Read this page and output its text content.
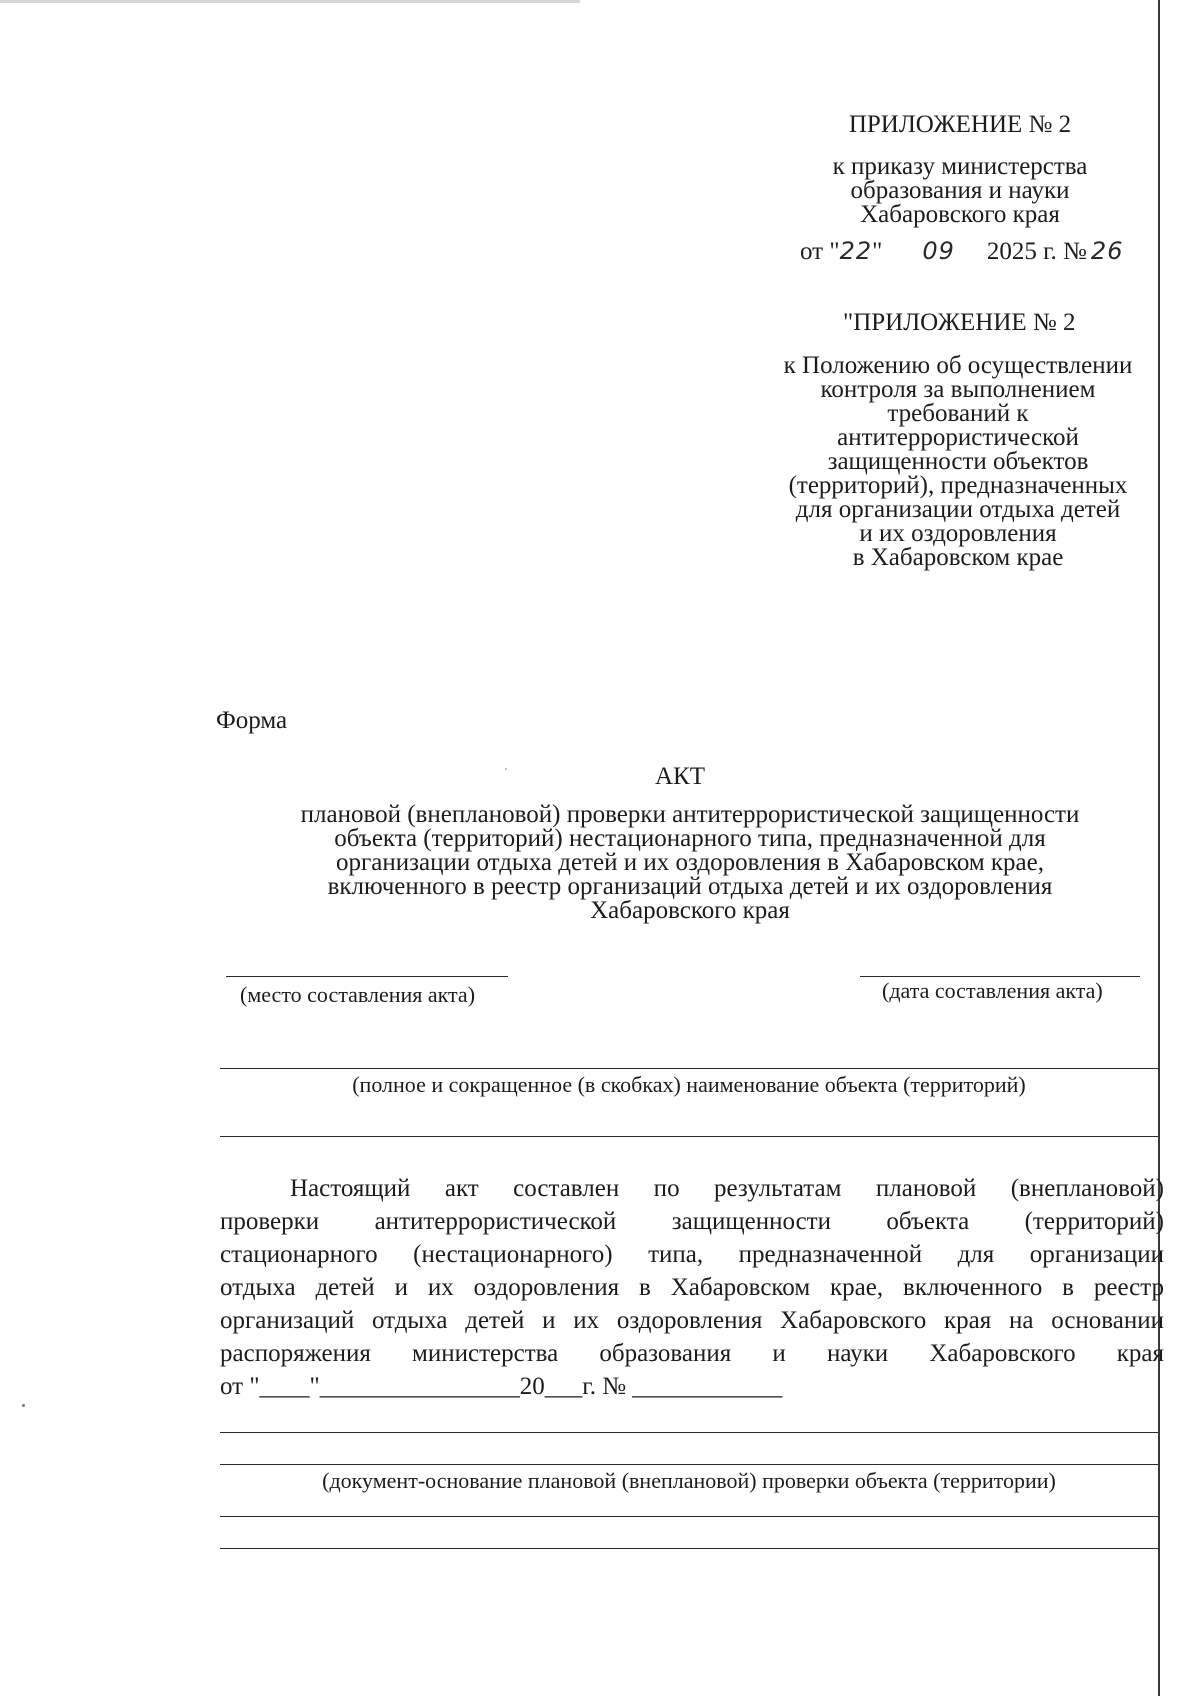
ПРИЛОЖЕНИЕ № 2
к приказу министерства
образования и науки
Хабаровского края
от "22" 09 2025 г. № 26
"ПРИЛОЖЕНИЕ № 2
к Положению об осуществлении
контроля за выполнением
требований к
антитеррористической
защищенности объектов
(территорий), предназначенных
для организации отдыха детей
и их оздоровления
в Хабаровском крае
Форма
АКТ
плановой (внеплановой) проверки антитеррористической защищенности
объекта (территорий) нестационарного типа, предназначенной для
организации отдыха детей и их оздоровления в Хабаровском крае,
включенного в реестр организаций отдыха детей и их оздоровления
Хабаровского края
(место составления акта)	(дата составления акта)
(полное и сокращенное (в скобках) наименование объекта (территорий)
Настоящий акт составлен по результатам плановой (внеплановой)
проверки антитеррористической защищенности объекта (территорий)
стационарного (нестационарного) типа, предназначенной для организации
отдыха детей и их оздоровления в Хабаровском крае, включенного в реестр
организаций отдыха детей и их оздоровления Хабаровского края на основании
распоряжения министерства образования и науки Хабаровского края
от "____"________________20___г. № ____________
(документ-основание плановой (внеплановой) проверки объекта (территории)
